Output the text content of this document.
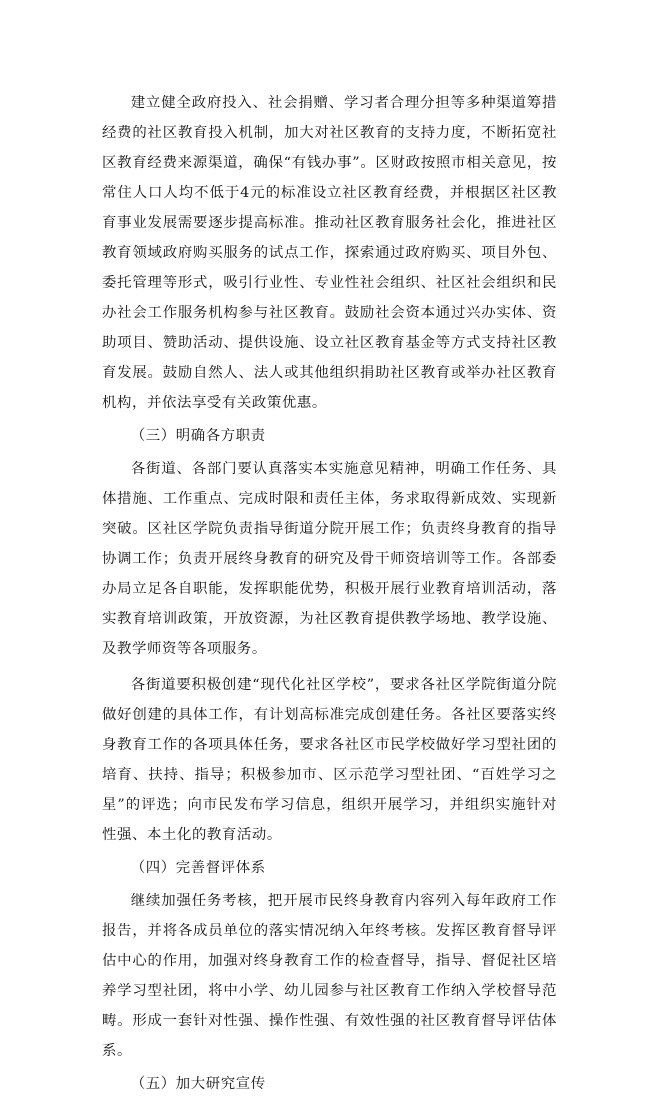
建立健全政府投入、社会捐赠、学习者合理分担等多种渠道筹措经费的社区教育投入机制，加大对社区教育的支持力度，不断拓宽社区教育经费来源渠道，确保“有钱办事”。区财政按照市相关意见，按常住人口人均不低于4元的标准设立社区教育经费，并根据区社区教育事业发展需要逐步提高标准。推动社区教育服务社会化，推进社区教育领域政府购买服务的试点工作，探索通过政府购买、项目外包、委托管理等形式，吸引行业性、专业性社会组织、社区社会组织和民办社会工作服务机构参与社区教育。鼓励社会资本通过兴办实体、资助项目、赞助活动、提供设施、设立社区教育基金等方式支持社区教育发展。鼓励自然人、法人或其他组织捐助社区教育或举办社区教育机构，并依法享受有关政策优惠。

（三）明确各方职责

各街道、各部门要认真落实本实施意见精神，明确工作任务、具体措施、工作重点、完成时限和责任主体，务求取得新成效、实现新突破。区社区学院负责指导街道分院开展工作；负责终身教育的指导协调工作；负责开展终身教育的研究及骨干师资培训等工作。各部委办局立足各自职能，发挥职能优势，积极开展行业教育培训活动，落实教育培训政策，开放资源，为社区教育提供教学场地、教学设施、及教学师资等各项服务。

各街道要积极创建“现代化社区学校”，要求各社区学院街道分院做好创建的具体工作，有计划高标准完成创建任务。各社区要落实终身教育工作的各项具体任务，要求各社区市民学校做好学习型社团的培育、扶持、指导；积极参加市、区示范学习型社团、“百姓学习之星”的评选；向市民发布学习信息，组织开展学习，并组织实施针对性强、本土化的教育活动。

（四）完善督评体系

继续加强任务考核，把开展市民终身教育内容列入每年政府工作报告，并将各成员单位的落实情况纳入年终考核。发挥区教育督导评估中心的作用，加强对终身教育工作的检查督导，指导、督促社区培养学习型社团，将中小学、幼儿园参与社区教育工作纳入学校督导范畴。形成一套针对性强、操作性强、有效性强的社区教育督导评估体系。

（五）加大研究宣传
